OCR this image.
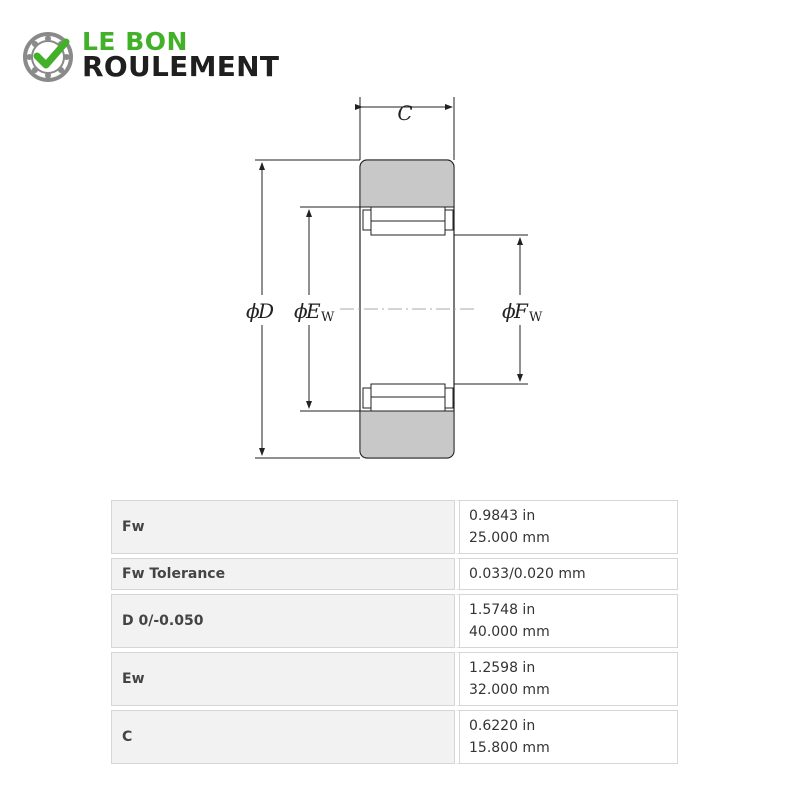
LE BON
ROULEMENT
C
ϕ
D ϕ
E W	ϕ
F W
Fw	0.9843 in
25.000 mm

Fw Tolerance	0.033/0.020 mm

D 0/-0.050	1.5748 in
40.000 mm

Ew	1.2598 in
32.000 mm

C	0.6220 in
15.800 mm
